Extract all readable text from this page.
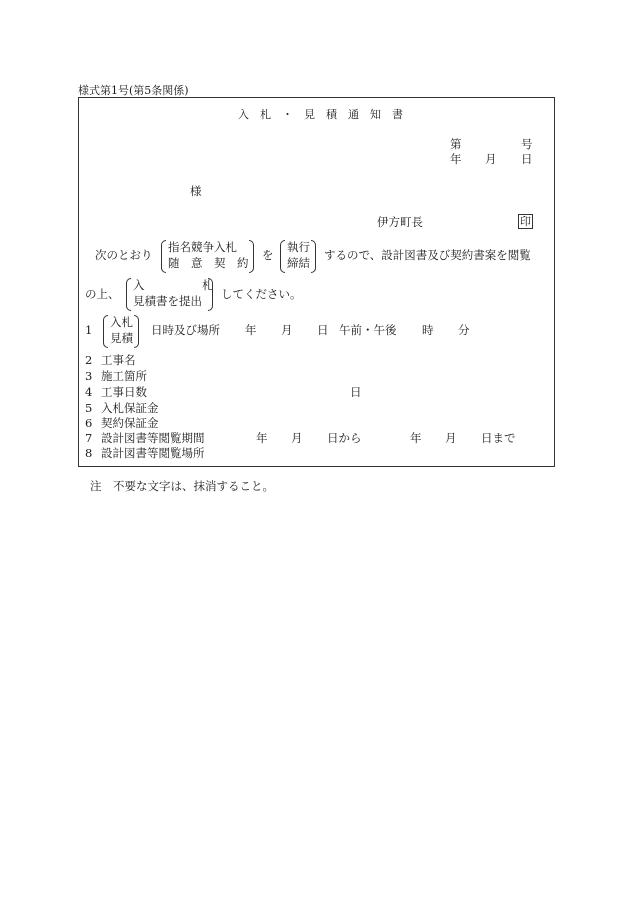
様式第1号(第5条関係)
入　札　・　見　積　通　知　書
第	号
年 月 日
様
伊方町長	印
次のとおり
指名競争入札
随　意　契　約
を
執行
締結
するので、設計図書及び契約書案を閲覧
の上、
入　　　　　札
見積書を提出 してください。
1
入札
見積
日時及び場所 年 月 日 午前・午後 時 分
2 工事名
3 施工箇所
4 工事日数	日
5 入札保証金
6 契約保証金
7 設計図書等閲覧期間	年 月 日から	年 月 日まで
8 設計図書等閲覧場所
注　不要な文字は、抹消すること。
